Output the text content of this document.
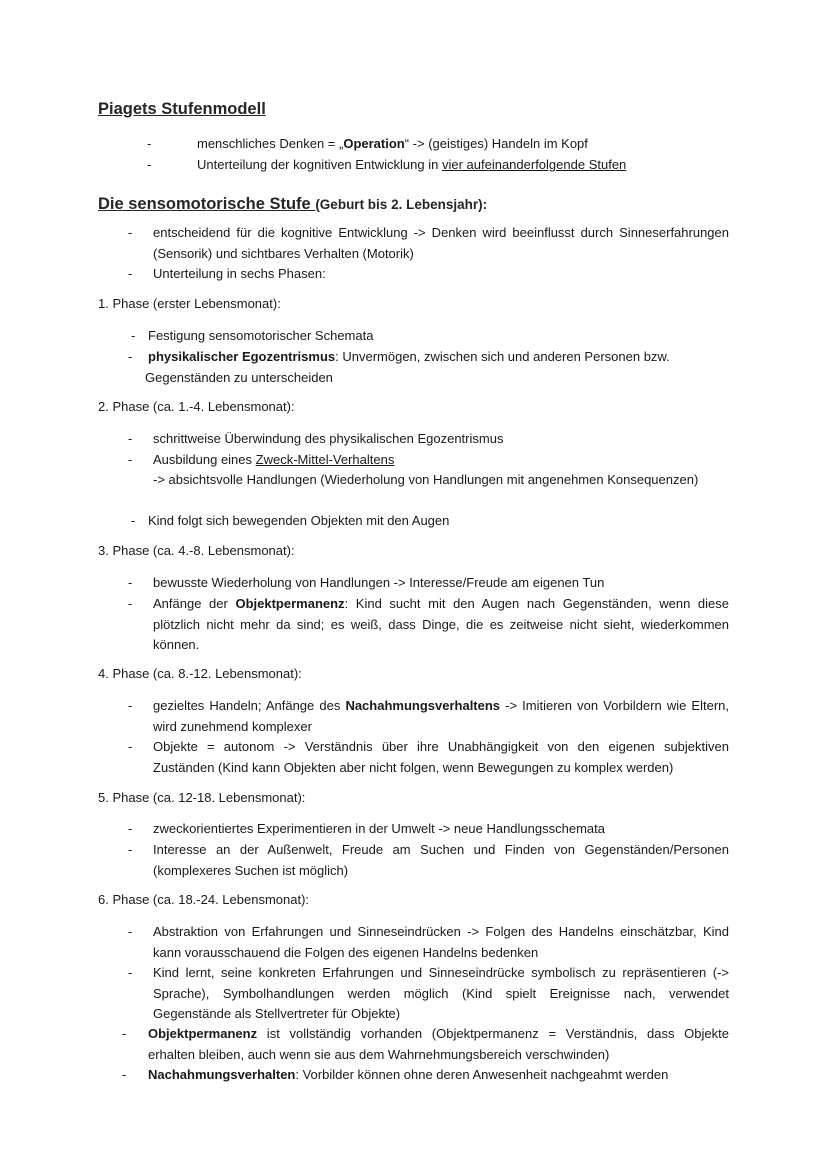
Piagets Stufenmodell
-	menschliches Denken = „Operation“ -> (geistiges) Handeln im Kopf

-	Unterteilung der kognitiven Entwicklung in vier aufeinanderfolgende Stufen

Die sensomotorische Stufe (Geburt bis 2. Lebensjahr):
- entscheidend für die kognitive Entwicklung -> Denken wird beeinflusst durch Sinneserfahrungen (Sensorik) und sichtbares Verhalten (Motorik)

- Unterteilung in sechs Phasen:

1. Phase (erster Lebensmonat):

- Festigung sensomotorischer Schemata

- physikalischer Egozentrismus: Unvermögen, zwischen sich und anderen Personen bzw. Gegenständen zu unterscheiden

2. Phase (ca. 1.-4. Lebensmonat):

- schrittweise Überwindung des physikalischen Egozentrismus

- Ausbildung eines Zweck-Mittel-Verhaltens

-> absichtsvolle Handlungen (Wiederholung von Handlungen mit angenehmen Konsequenzen)

- Kind folgt sich bewegenden Objekten mit den Augen

3. Phase (ca. 4.-8. Lebensmonat):

- bewusste Wiederholung von Handlungen -> Interesse/Freude am eigenen Tun

- Anfänge der Objektpermanenz: Kind sucht mit den Augen nach Gegenständen, wenn diese plötzlich nicht mehr da sind; es weiß, dass Dinge, die es zeitweise nicht sieht, wiederkommen können.

4. Phase (ca. 8.-12. Lebensmonat):

- gezieltes Handeln; Anfänge des Nachahmungsverhaltens -> Imitieren von Vorbildern wie Eltern, wird zunehmend komplexer

- Objekte = autonom -> Verständnis über ihre Unabhängigkeit von den eigenen subjektiven Zuständen (Kind kann Objekten aber nicht folgen, wenn Bewegungen zu komplex werden)

5. Phase (ca. 12-18. Lebensmonat):

- zweckorientiertes Experimentieren in der Umwelt -> neue Handlungsschemata

- Interesse an der Außenwelt, Freude am Suchen und Finden von Gegenständen/Personen (komplexeres Suchen ist möglich)

6. Phase (ca. 18.-24. Lebensmonat):

- Abstraktion von Erfahrungen und Sinneseindrücken -> Folgen des Handelns einschätzbar, Kind kann vorausschauend die Folgen des eigenen Handelns bedenken

- Kind lernt, seine konkreten Erfahrungen und Sinneseindrücke symbolisch zu repräsentieren (-> Sprache), Symbolhandlungen werden möglich (Kind spielt Ereignisse nach, verwendet Gegenstände als Stellvertreter für Objekte)

- Objektpermanenz ist vollständig vorhanden (Objektpermanenz = Verständnis, dass Objekte erhalten bleiben, auch wenn sie aus dem Wahrnehmungsbereich verschwinden)

- Nachahmungsverhalten: Vorbilder können ohne deren Anwesenheit nachgeahmt werden
